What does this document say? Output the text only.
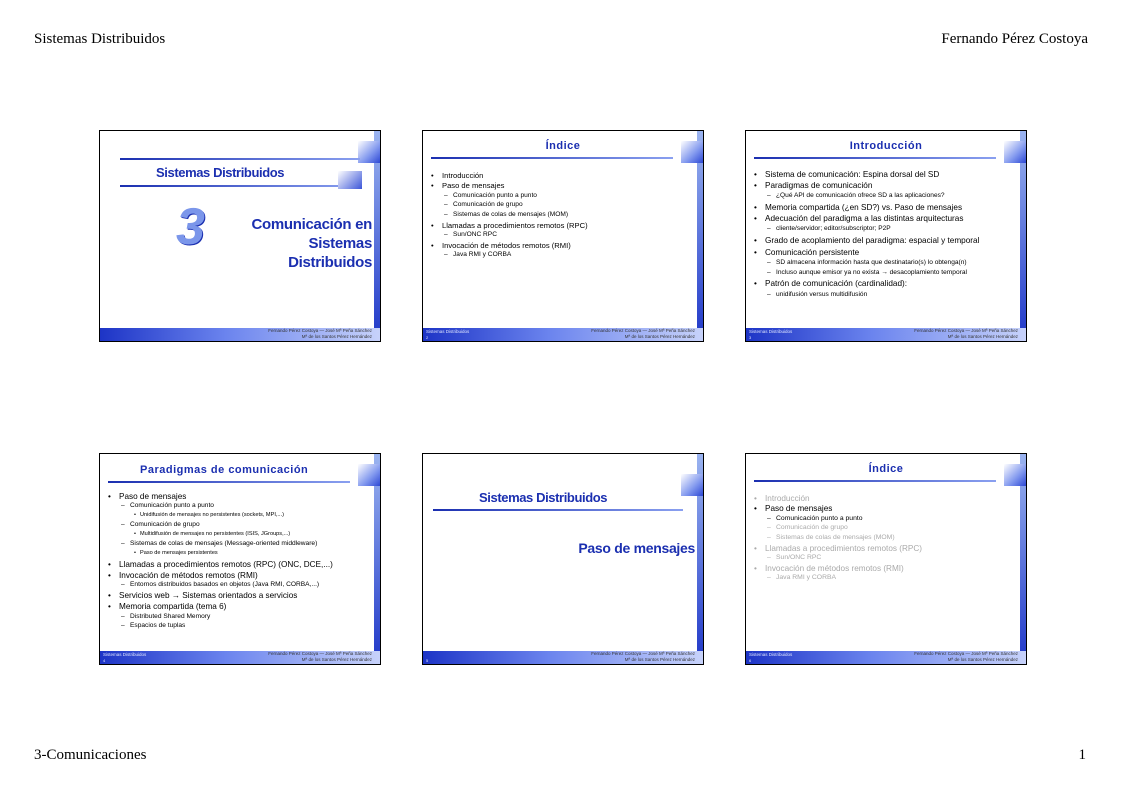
Sistemas Distribuidos	Fernando Pérez Costoya
3-Comunicaciones	1
Sistemas Distribuidos
3	Comunicación en
Sistemas
Distribuidos
Fernando Pérez Costoya — José Mª Peña Sánchez
Mª de los Santos Pérez Hernández
Índice
• Introducción
• Paso de mensajes
– Comunicación punto a punto
– Comunicación de grupo
– Sistemas de colas de mensajes (MOM)
• Llamadas a procedimientos remotos (RPC)
– Sun/ONC RPC
• Invocación de métodos remotos (RMI)
– Java RMI y CORBA
Sistemas Distribuidos
2
Fernando Pérez Costoya — José Mª Peña Sánchez
Mª de los Santos Pérez Hernández
Introducción
• Sistema de comunicación: Espina dorsal del SD
• Paradigmas de comunicación
– ¿Qué API de comunicación ofrece SD a las aplicaciones?
• Memoria compartida (¿en SD?) vs. Paso de mensajes
• Adecuación del paradigma a las distintas arquitecturas
– cliente/servidor; editor/subscriptor; P2P
• Grado de acoplamiento del paradigma: espacial y temporal
• Comunicación persistente
– SD almacena información hasta que destinatario(s) lo obtenga(n)
– Incluso aunque emisor ya no exista → desacoplamiento temporal
• Patrón de comunicación (cardinalidad):
– unidifusión versus multidifusión
Sistemas Distribuidos
3
Fernando Pérez Costoya — José Mª Peña Sánchez
Mª de los Santos Pérez Hernández
Paradigmas de comunicación
• Paso de mensajes
– Comunicación punto a punto
• Unidifusión de mensajes no persistentes (sockets, MPI,...)
– Comunicación de grupo
• Multidifusión de mensajes no persistentes (ISIS, JGroups,...)
– Sistemas de colas de mensajes (Message-oriented middleware)
• Paso de mensajes persistentes
• Llamadas a procedimientos remotos (RPC) (ONC, DCE,...)
• Invocación de métodos remotos (RMI)
– Entornos distribuidos basados en objetos (Java RMI, CORBA,...)
• Servicios web → Sistemas orientados a servicios
• Memoria compartida (tema 6)
– Distributed Shared Memory
– Espacios de tuplas
Sistemas Distribuidos
4
Fernando Pérez Costoya — José Mª Peña Sánchez
Mª de los Santos Pérez Hernández
Sistemas Distribuidos
Paso de mensajes
5
Fernando Pérez Costoya — José Mª Peña Sánchez
Mª de los Santos Pérez Hernández
Índice
• Introducción
• Paso de mensajes
– Comunicación punto a punto
– Comunicación de grupo
– Sistemas de colas de mensajes (MOM)
• Llamadas a procedimientos remotos (RPC)
– Sun/ONC RPC
• Invocación de métodos remotos (RMI)
– Java RMI y CORBA
Sistemas Distribuidos
6
Fernando Pérez Costoya — José Mª Peña Sánchez
Mª de los Santos Pérez Hernández
